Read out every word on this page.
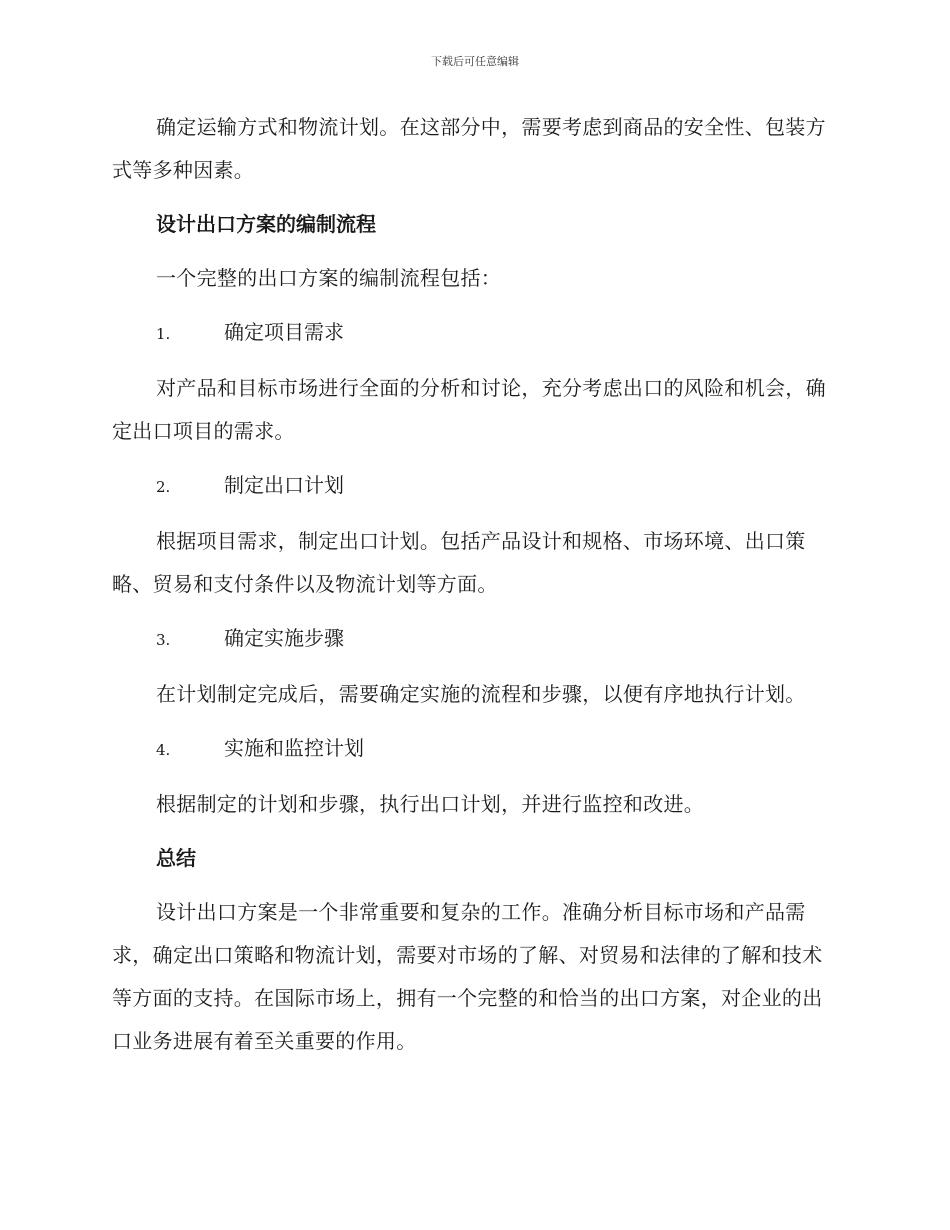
下载后可任意编辑

确定运输方式和物流计划。在这部分中，需要考虑到商品的安全性、包装方式等多种因素。

设计出口方案的编制流程

一个完整的出口方案的编制流程包括：

1.	确定项目需求

对产品和目标市场进行全面的分析和讨论，充分考虑出口的风险和机会，确定出口项目的需求。

2.	制定出口计划

根据项目需求，制定出口计划。包括产品设计和规格、市场环境、出口策略、贸易和支付条件以及物流计划等方面。

3.	确定实施步骤

在计划制定完成后，需要确定实施的流程和步骤，以便有序地执行计划。

4.	实施和监控计划

根据制定的计划和步骤，执行出口计划，并进行监控和改进。

总结

设计出口方案是一个非常重要和复杂的工作。准确分析目标市场和产品需求，确定出口策略和物流计划，需要对市场的了解、对贸易和法律的了解和技术等方面的支持。在国际市场上，拥有一个完整的和恰当的出口方案，对企业的出口业务进展有着至关重要的作用。
